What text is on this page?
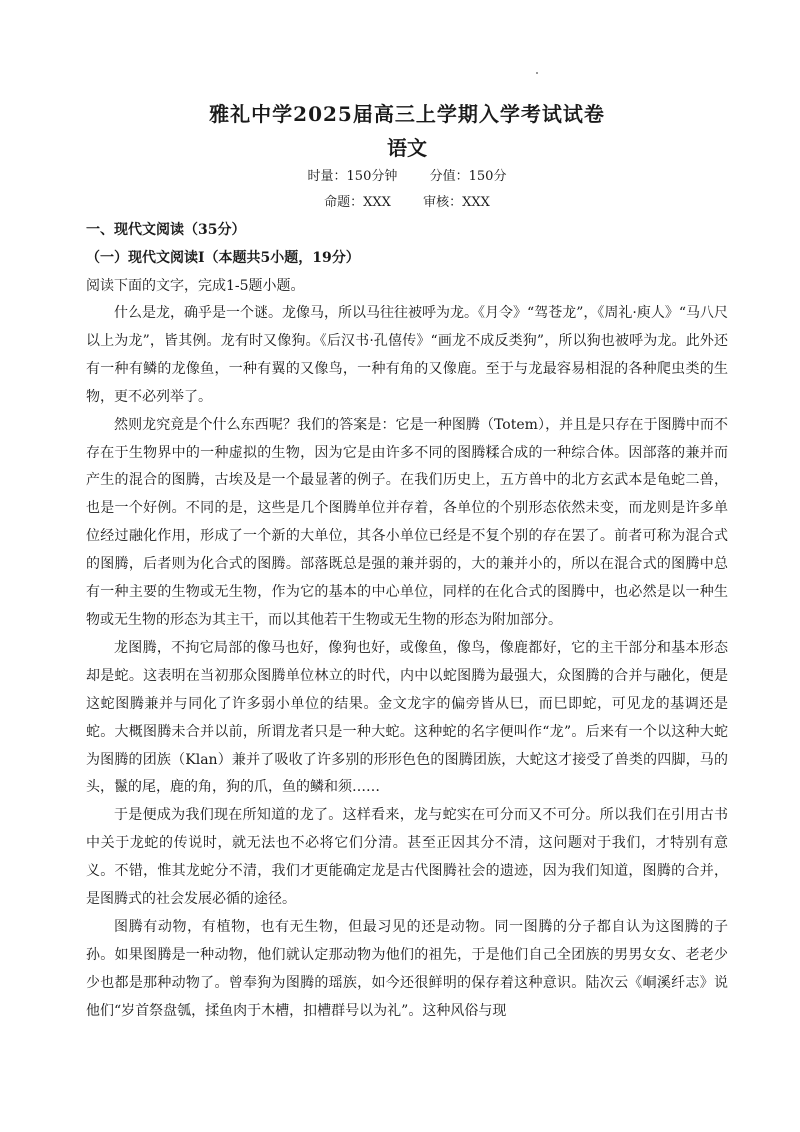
雅礼中学2025届高三上学期入学考试试卷
语文

时量：150分钟 分值：150分

命题：XXX 审核：XXX

一、现代文阅读（35分）

（一）现代文阅读Ⅰ（本题共5小题，19分）

阅读下面的文字，完成1-5题小题。

什么是龙，确乎是一个谜。龙像马，所以马往往被呼为龙。《月令》“驾苍龙”，《周礼·庾人》“马八尺以上为龙”，皆其例。龙有时又像狗。《后汉书·孔僖传》“画龙不成反类狗”，所以狗也被呼为龙。此外还有一种有鳞的龙像鱼，一种有翼的又像鸟，一种有角的又像鹿。至于与龙最容易相混的各种爬虫类的生物，更不必列举了。

然则龙究竟是个什么东西呢？我们的答案是：它是一种图腾（Totem），并且是只存在于图腾中而不存在于生物界中的一种虚拟的生物，因为它是由许多不同的图腾糅合成的一种综合体。因部落的兼并而产生的混合的图腾，古埃及是一个最显著的例子。在我们历史上，五方兽中的北方玄武本是龟蛇二兽，也是一个好例。不同的是，这些是几个图腾单位并存着，各单位的个别形态依然未变，而龙则是许多单位经过融化作用，形成了一个新的大单位，其各小单位已经是不复个别的存在罢了。前者可称为混合式的图腾，后者则为化合式的图腾。部落既总是强的兼并弱的，大的兼并小的，所以在混合式的图腾中总有一种主要的生物或无生物，作为它的基本的中心单位，同样的在化合式的图腾中，也必然是以一种生物或无生物的形态为其主干，而以其他若干生物或无生物的形态为附加部分。

龙图腾，不拘它局部的像马也好，像狗也好，或像鱼，像鸟，像鹿都好，它的主干部分和基本形态却是蛇。这表明在当初那众图腾单位林立的时代，内中以蛇图腾为最强大，众图腾的合并与融化，便是这蛇图腾兼并与同化了许多弱小单位的结果。金文龙字的偏旁皆从巳，而巳即蛇，可见龙的基调还是蛇。大概图腾未合并以前，所谓龙者只是一种大蛇。这种蛇的名字便叫作“龙”。后来有一个以这种大蛇为图腾的团族（Klan）兼并了吸收了许多别的形形色色的图腾团族，大蛇这才接受了兽类的四脚，马的头，鬣的尾，鹿的角，狗的爪，鱼的鳞和须……

于是便成为我们现在所知道的龙了。这样看来，龙与蛇实在可分而又不可分。所以我们在引用古书中关于龙蛇的传说时，就无法也不必将它们分清。甚至正因其分不清，这问题对于我们，才特别有意义。不错，惟其龙蛇分不清，我们才更能确定龙是古代图腾社会的遗迹，因为我们知道，图腾的合并，是图腾式的社会发展必循的途径。

图腾有动物，有植物，也有无生物，但最习见的还是动物。同一图腾的分子都自认为这图腾的子孙。如果图腾是一种动物，他们就认定那动物为他们的祖先，于是他们自己全团族的男男女女、老老少少也都是那种动物了。曾奉狗为图腾的瑶族，如今还很鲜明的保存着这种意识。陆次云《峒溪纤志》说他们“岁首祭盘瓠，揉鱼肉于木槽，扣槽群号以为礼”。这种风俗与现
